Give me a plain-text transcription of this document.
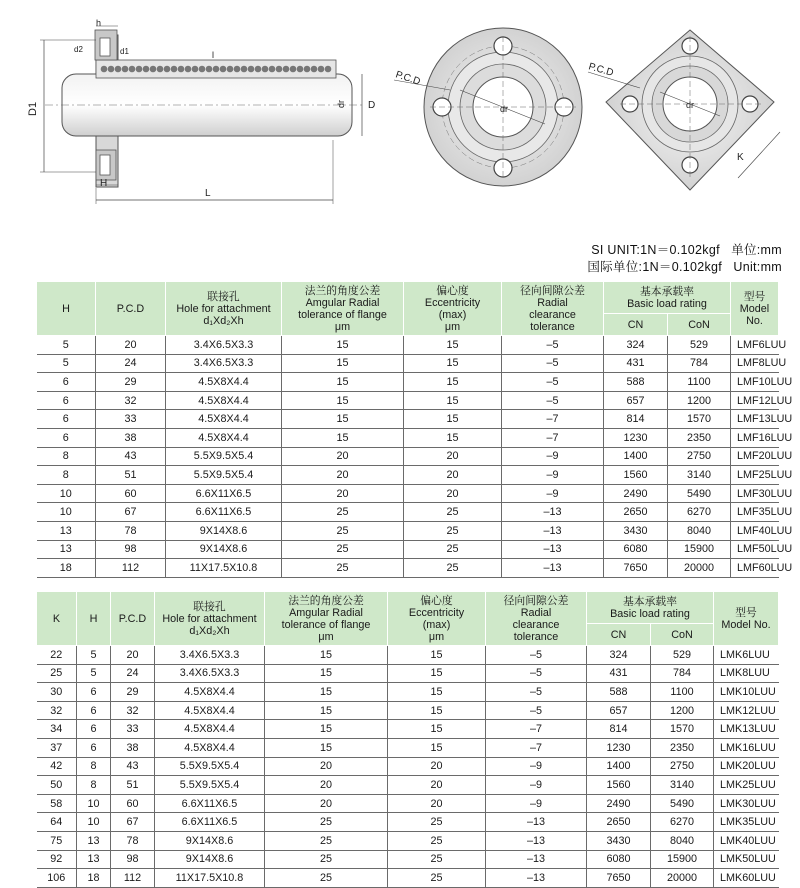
h
d2	d1	l
D1	dr D
H
L
P.C.D
dr
P.C.D
dr
K
SI UNIT:1N＝0.102kgf   单位:mm
国际单位:1N＝0.102kgf   Unit:mm
H	P.C.D	联接孔
Hole for attachment
d₁Xd₂Xh	法兰的角度公差
Amgular Radial
tolerance of flange
μm	偏心度
Eccentricity
(max)
μm	径向间隙公差
Radial
clearance
tolerance	基本承载率
Basic load rating		型号
Model No.

						CN	CoN	
5	20	3.4X6.5X3.3	15	15	–5	324	529	LMF6LUU
5	24	3.4X6.5X3.3	15	15	–5	431	784	LMF8LUU
6	29	4.5X8X4.4	15	15	–5	588	1100	LMF10LUU
6	32	4.5X8X4.4	15	15	–5	657	1200	LMF12LUU
6	33	4.5X8X4.4	15	15	–7	814	1570	LMF13LUU
6	38	4.5X8X4.4	15	15	–7	1230	2350	LMF16LUU
8	43	5.5X9.5X5.4	20	20	–9	1400	2750	LMF20LUU
8	51	5.5X9.5X5.4	20	20	–9	1560	3140	LMF25LUU
10	60	6.6X11X6.5	20	20	–9	2490	5490	LMF30LUU
10	67	6.6X11X6.5	25	25	–13	2650	6270	LMF35LUU
13	78	9X14X8.6	25	25	–13	3430	8040	LMF40LUU
13	98	9X14X8.6	25	25	–13	6080	15900	LMF50LUU
18	112	11X17.5X10.8	25	25	–13	7650	20000	LMF60LUU
K	H	P.C.D	联接孔
Hole for attachment
d₁Xd₂Xh	法兰的角度公差
Amgular Radial
tolerance of flange
μm	偏心度
Eccentricity
(max)
μm	径向间隙公差
Radial
clearance
tolerance	基本承载率
Basic load rating		型号
Model No.

							CN	CoN	
22	5	20	3.4X6.5X3.3	15	15	–5	324	529	LMK6LUU
25	5	24	3.4X6.5X3.3	15	15	–5	431	784	LMK8LUU
30	6	29	4.5X8X4.4	15	15	–5	588	1100	LMK10LUU
32	6	32	4.5X8X4.4	15	15	–5	657	1200	LMK12LUU
34	6	33	4.5X8X4.4	15	15	–7	814	1570	LMK13LUU
37	6	38	4.5X8X4.4	15	15	–7	1230	2350	LMK16LUU
42	8	43	5.5X9.5X5.4	20	20	–9	1400	2750	LMK20LUU
50	8	51	5.5X9.5X5.4	20	20	–9	1560	3140	LMK25LUU
58	10	60	6.6X11X6.5	20	20	–9	2490	5490	LMK30LUU
64	10	67	6.6X11X6.5	25	25	–13	2650	6270	LMK35LUU
75	13	78	9X14X8.6	25	25	–13	3430	8040	LMK40LUU
92	13	98	9X14X8.6	25	25	–13	6080	15900	LMK50LUU
106	18	112	11X17.5X10.8	25	25	–13	7650	20000	LMK60LUU
